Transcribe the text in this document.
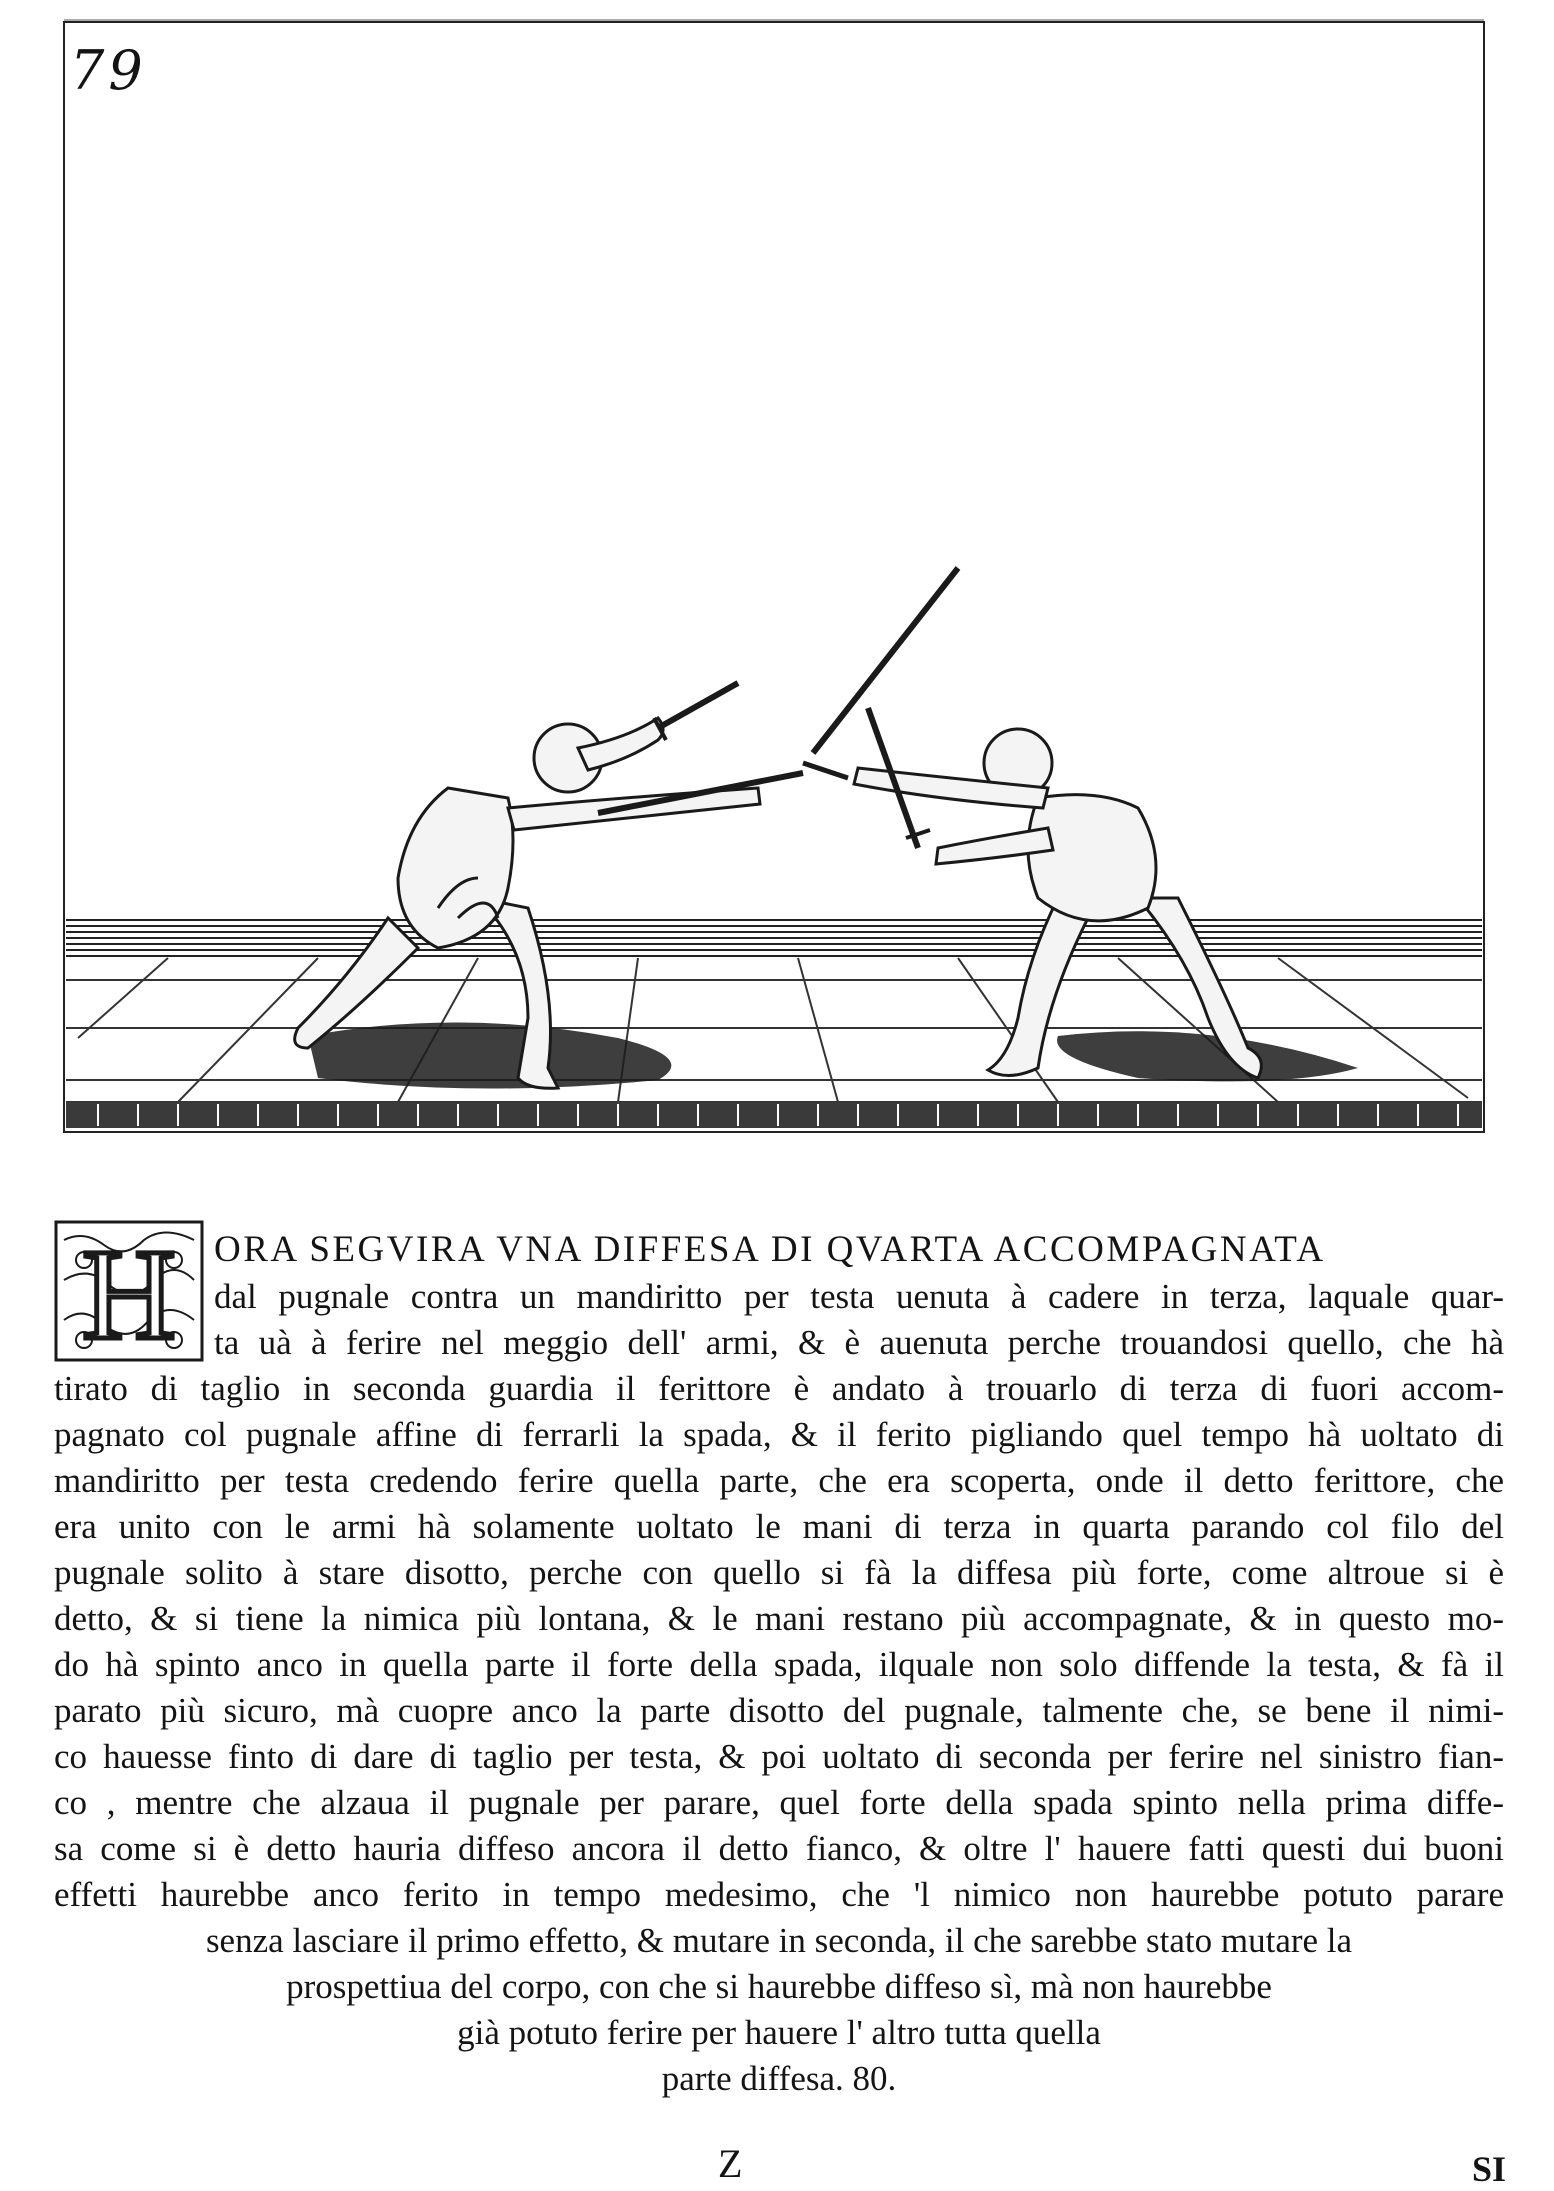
79
H ORA SEGVIRA VNA DIFFESA DI QVARTA ACCOMPAGNATA
dal pugnale contra un mandiritto per testa uenuta à cadere in terza, laquale quar-
ta uà à ferire nel meggio dell' armi, & è auenuta perche trouandosi quello, che hà
tirato di taglio in seconda guardia il ferittore è andato à trouarlo di terza di fuori accom-
pagnato col pugnale affine di ferrarli la spada, & il ferito pigliando quel tempo hà uoltato di
mandiritto per testa credendo ferire quella parte, che era scoperta, onde il detto ferittore, che
era unito con le armi hà solamente uoltato le mani di terza in quarta parando col filo del
pugnale solito à stare disotto, perche con quello si fà la diffesa più forte, come altroue si è
detto, & si tiene la nimica più lontana, & le mani restano più accompagnate, & in questo mo-
do hà spinto anco in quella parte il forte della spada, ilquale non solo diffende la testa, & fà il
parato più sicuro, mà cuopre anco la parte disotto del pugnale, talmente che, se bene il nimi-
co hauesse finto di dare di taglio per testa, & poi uoltato di seconda per ferire nel sinistro fian-
co , mentre che alzaua il pugnale per parare, quel forte della spada spinto nella prima diffe-
sa come si è detto hauria diffeso ancora il detto fianco, & oltre l' hauere fatti questi dui buoni
effetti haurebbe anco ferito in tempo medesimo, che 'l nimico non haurebbe potuto parare
senza lasciare il primo effetto, & mutare in seconda, il che sarebbe stato mutare la
prospettiua del corpo, con che si haurebbe diffeso sì, mà non haurebbe
già potuto ferire per hauere l' altro tutta quella
parte diffesa. 80.
Z	SI
